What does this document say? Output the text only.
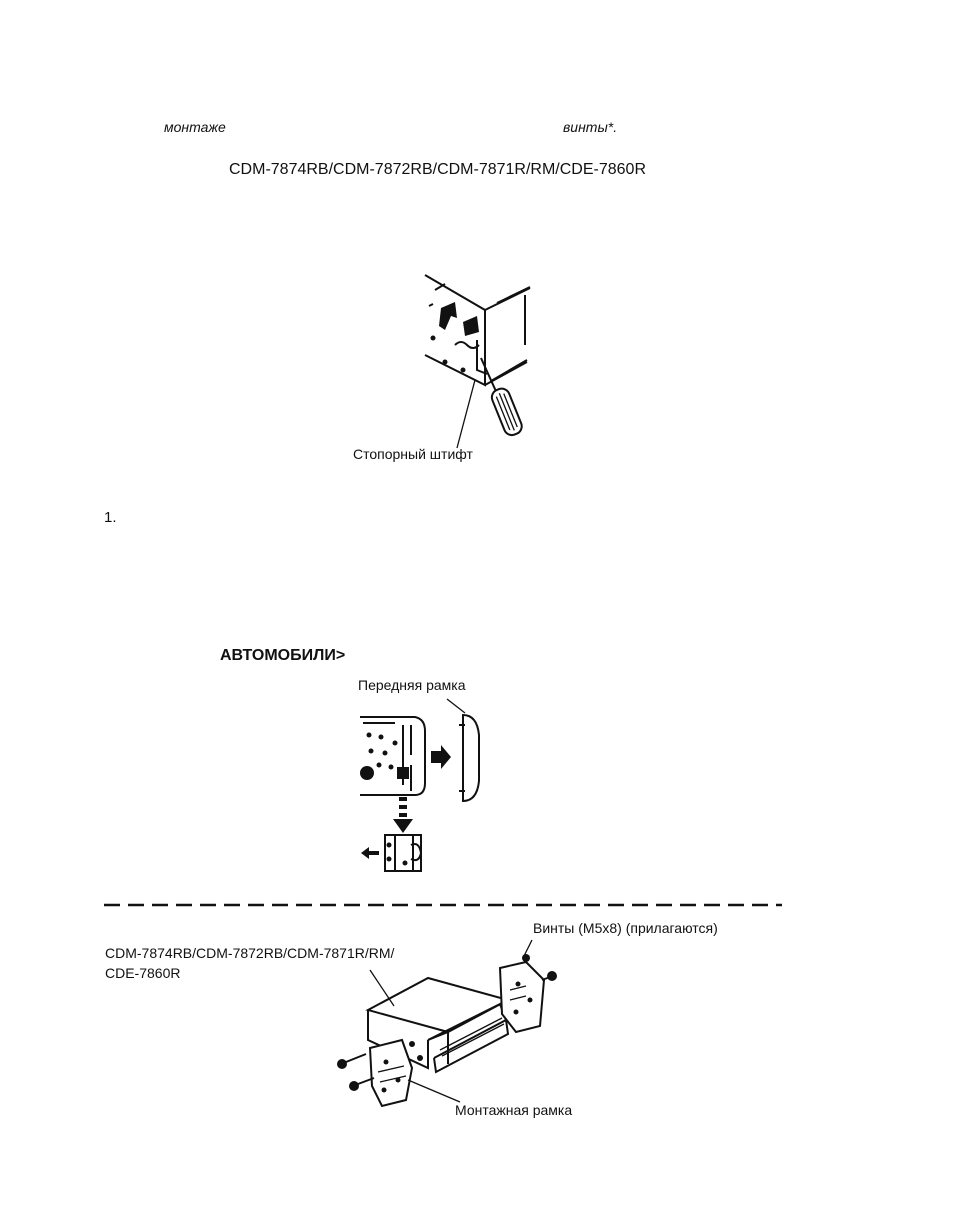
монтаже	винты*.
CDM-7874RB/CDM-7872RB/CDM-7871R/RM/CDE-7860R
Стопорный штифт
1.
АВТОМОБИЛИ>
Передняя рамка
Винты (M5x8) (прилагаются)
CDM-7874RB/CDM-7872RB/CDM-7871R/RM/
CDE-7860R
Монтажная рамка
